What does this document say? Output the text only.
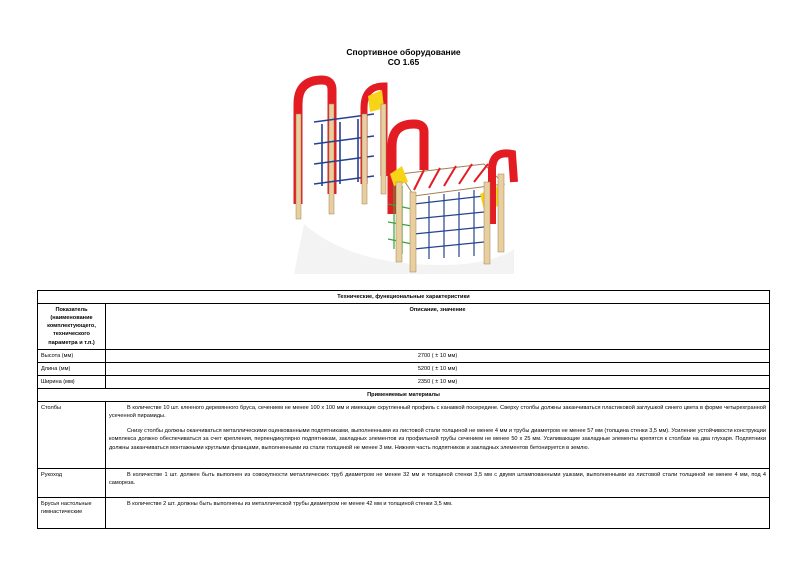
Спортивное оборудование
СО 1.65
Технические, функциональные характеристики	
Показатель (наименование комплектующего, технического параметра и т.п.)	Описание, значение
Высота (мм)	2700 ( ± 10 мм)
Длина (мм)	5200 ( ± 10 мм)
Ширина (мм)	2350 ( ± 10 мм)
Применяемые материалы	
Столбы	В количестве 10 шт. клееного деревянного бруса, сечением не менее 100 х 100 мм и имеющие скругленный профиль с канавкой посередине. Сверху столбы должны заканчиваться пластиковой заглушкой синего цвета в форме четырехгранной усеченной пирамиды.

Снизу столбы должны оканчиваться металлическими оцинкованными подпятниками, выполненными из листовой стали толщиной не менее 4 мм и трубы диаметром не менее 57 мм (толщина стенки 3,5 мм). Усиление устойчивости конструкции комплекса должно обеспечиваться за счет крепления, перпендикулярно подпятникам, закладных элементов из профильной трубы сечением не менее 50 х 25 мм. Усиливающие закладные элементы крепятся к столбам на два глухаря. Подпятники должны заканчиваться монтажными круглыми фланцами, выполненными из стали толщиной не менее 3 мм. Нижняя часть подпятников и закладных элементов бетонируется в землю.

Рукоход	В количестве 1 шт. должен быть выполнен из совокупности металлических труб диаметром не менее 32 мм и толщиной стенки 3,5 мм с двумя штампованными ушками, выполненными из листовой стали толщиной не менее 4 мм, под 4 самореза.

Брусья настольные гимнастические	В количестве 2 шт. должны быть выполнены из металлической трубы диаметром не менее 42 мм и толщиной стенки 3,5 мм.
